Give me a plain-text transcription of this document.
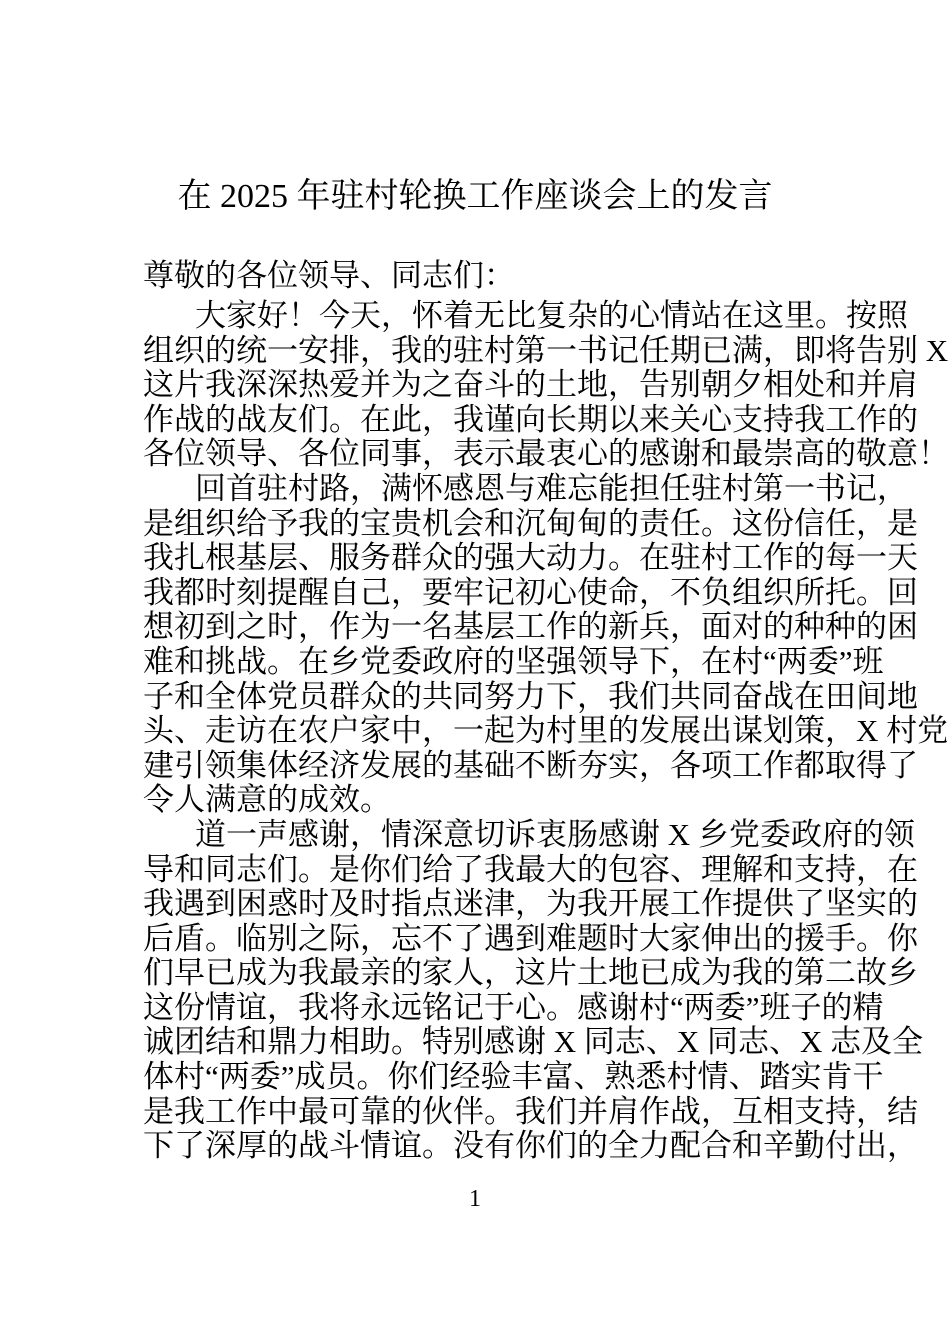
在 2025 年驻村轮换工作座谈会上的发言
尊敬的各位领导、同志们：
大家好！今天，怀着无比复杂的心情站在这里。按照
组织的统一安排，我的驻村第一书记任期已满，即将告别 X
这片我深深热爱并为之奋斗的土地，告别朝夕相处和并肩
作战的战友们。在此，我谨向长期以来关心支持我工作的
各位领导、各位同事，表示最衷心的感谢和最崇高的敬意！
回首驻村路，满怀感恩与难忘能担任驻村第一书记，
是组织给予我的宝贵机会和沉甸甸的责任。这份信任，是
我扎根基层、服务群众的强大动力。在驻村工作的每一天
我都时刻提醒自己，要牢记初心使命，不负组织所托。回
想初到之时，作为一名基层工作的新兵，面对的种种的困
难和挑战。在乡党委政府的坚强领导下，在村“两委”班
子和全体党员群众的共同努力下，我们共同奋战在田间地
头、走访在农户家中，一起为村里的发展出谋划策，X 村党
建引领集体经济发展的基础不断夯实，各项工作都取得了
令人满意的成效。
道一声感谢，情深意切诉衷肠感谢 X 乡党委政府的领
导和同志们。是你们给了我最大的包容、理解和支持，在
我遇到困惑时及时指点迷津，为我开展工作提供了坚实的
后盾。临别之际，忘不了遇到难题时大家伸出的援手。你
们早已成为我最亲的家人，这片土地已成为我的第二故乡
这份情谊，我将永远铭记于心。感谢村“两委”班子的精
诚团结和鼎力相助。特别感谢 X 同志、X 同志、X 志及全
体村“两委”成员。你们经验丰富、熟悉村情、踏实肯干
是我工作中最可靠的伙伴。我们并肩作战，互相支持，结
下了深厚的战斗情谊。没有你们的全力配合和辛勤付出，
1
